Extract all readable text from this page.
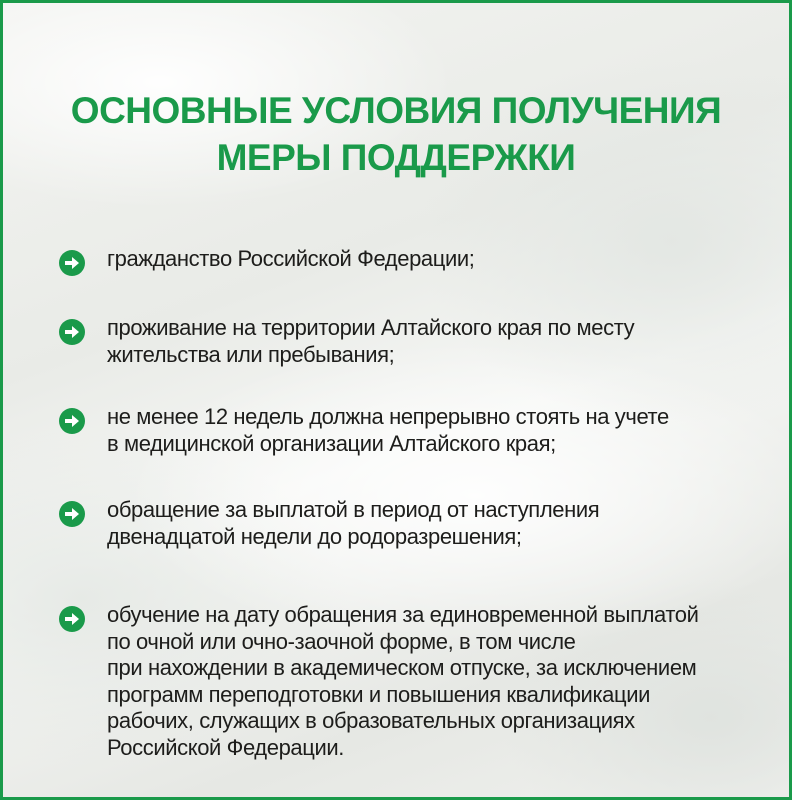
ОСНОВНЫЕ УСЛОВИЯ ПОЛУЧЕНИЯ
МЕРЫ ПОДДЕРЖКИ

гражданство Российской Федерации;

проживание на территории Алтайского края по месту
жительства или пребывания;

не менее 12 недель должна непрерывно стоять на учете
в медицинской организации Алтайского края;

обращение за выплатой в период от наступления
двенадцатой недели до родоразрешения;

обучение на дату обращения за единовременной выплатой
по очной или очно-заочной форме, в том числе
при нахождении в академическом отпуске, за исключением
программ переподготовки и повышения квалификации
рабочих, служащих в образовательных организациях
Российской Федерации.
